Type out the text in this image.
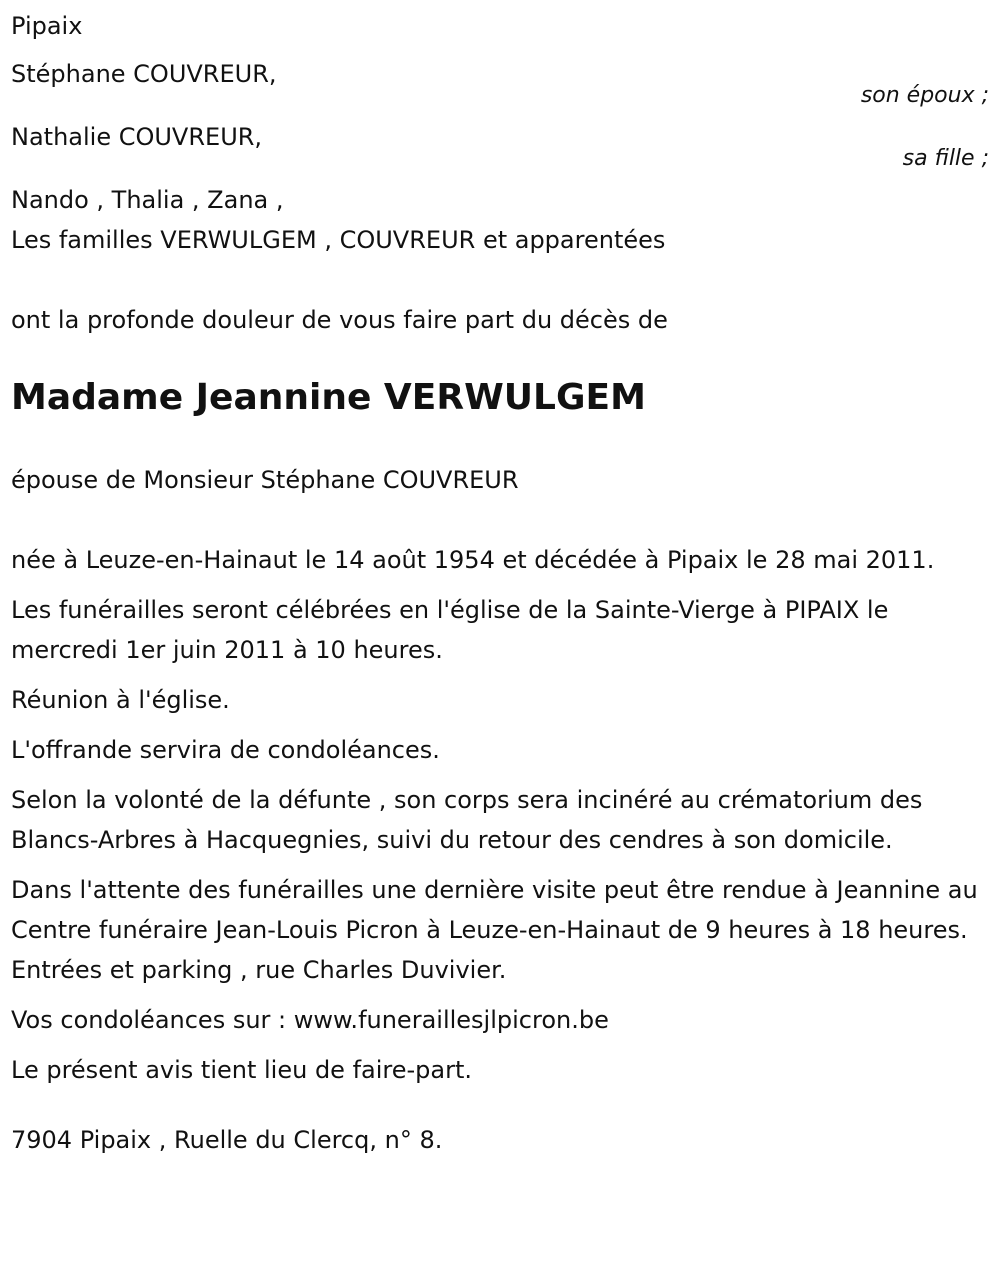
Pipaix

Stéphane COUVREUR,
son époux ;
Nathalie COUVREUR,
sa fille ;

Nando , Thalia , Zana ,

Les familles VERWULGEM , COUVREUR et apparentées

ont la profonde douleur de vous faire part du décès de

Madame Jeannine VERWULGEM

épouse de Monsieur Stéphane COUVREUR

née à Leuze-en-Hainaut le 14 août 1954 et décédée à Pipaix le 28 mai 2011.

Les funérailles seront célébrées en l'église de la Sainte-Vierge à PIPAIX le mercredi 1er juin 2011 à 10 heures.

Réunion à l'église.

L'offrande servira de condoléances.

Selon la volonté de la défunte , son corps sera incinéré au crématorium des Blancs-Arbres à Hacquegnies, suivi du retour des cendres à son domicile.

Dans l'attente des funérailles une dernière visite peut être rendue à Jeannine au Centre funéraire Jean-Louis Picron à Leuze-en-Hainaut de 9 heures à 18 heures. Entrées et parking , rue Charles Duvivier.

Vos condoléances sur : www.funeraillesjlpicron.be

Le présent avis tient lieu de faire-part.

7904 Pipaix , Ruelle du Clercq, n° 8.
